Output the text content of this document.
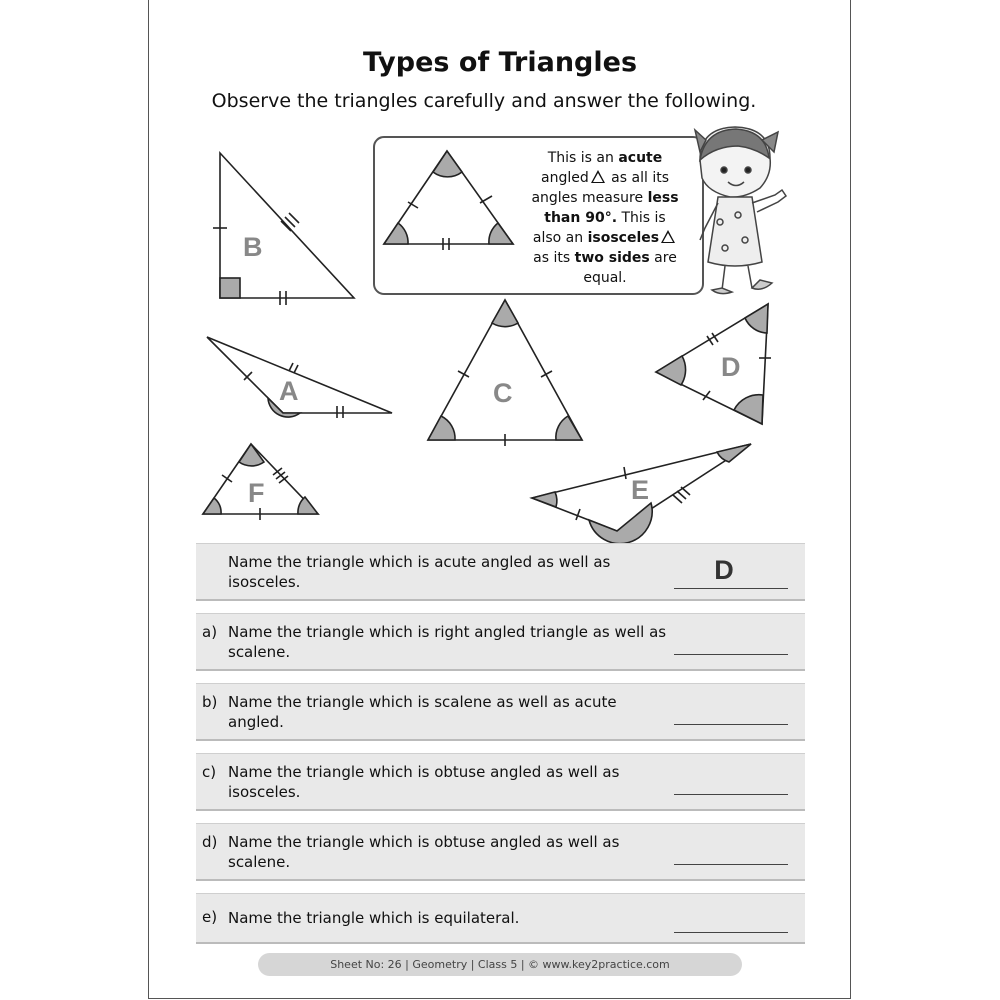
Types of Triangles
Observe the triangles carefully and answer the following.
B
A	C
D
F	E
This is an acute
angled as all its
angles measure less
than 90°. This is
also an isosceles
as its two sides are
equal.
Name the triangle which is acute angled as well as isosceles.	D
a) Name the triangle which is right angled triangle as well as scalene.
b) Name the triangle which is scalene as well as acute angled.
c) Name the triangle which is obtuse angled as well as isosceles.
d) Name the triangle which is obtuse angled as well as scalene.
e) Name the triangle which is equilateral.
Sheet No: 26 | Geometry | Class 5 | © www.key2practice.com
